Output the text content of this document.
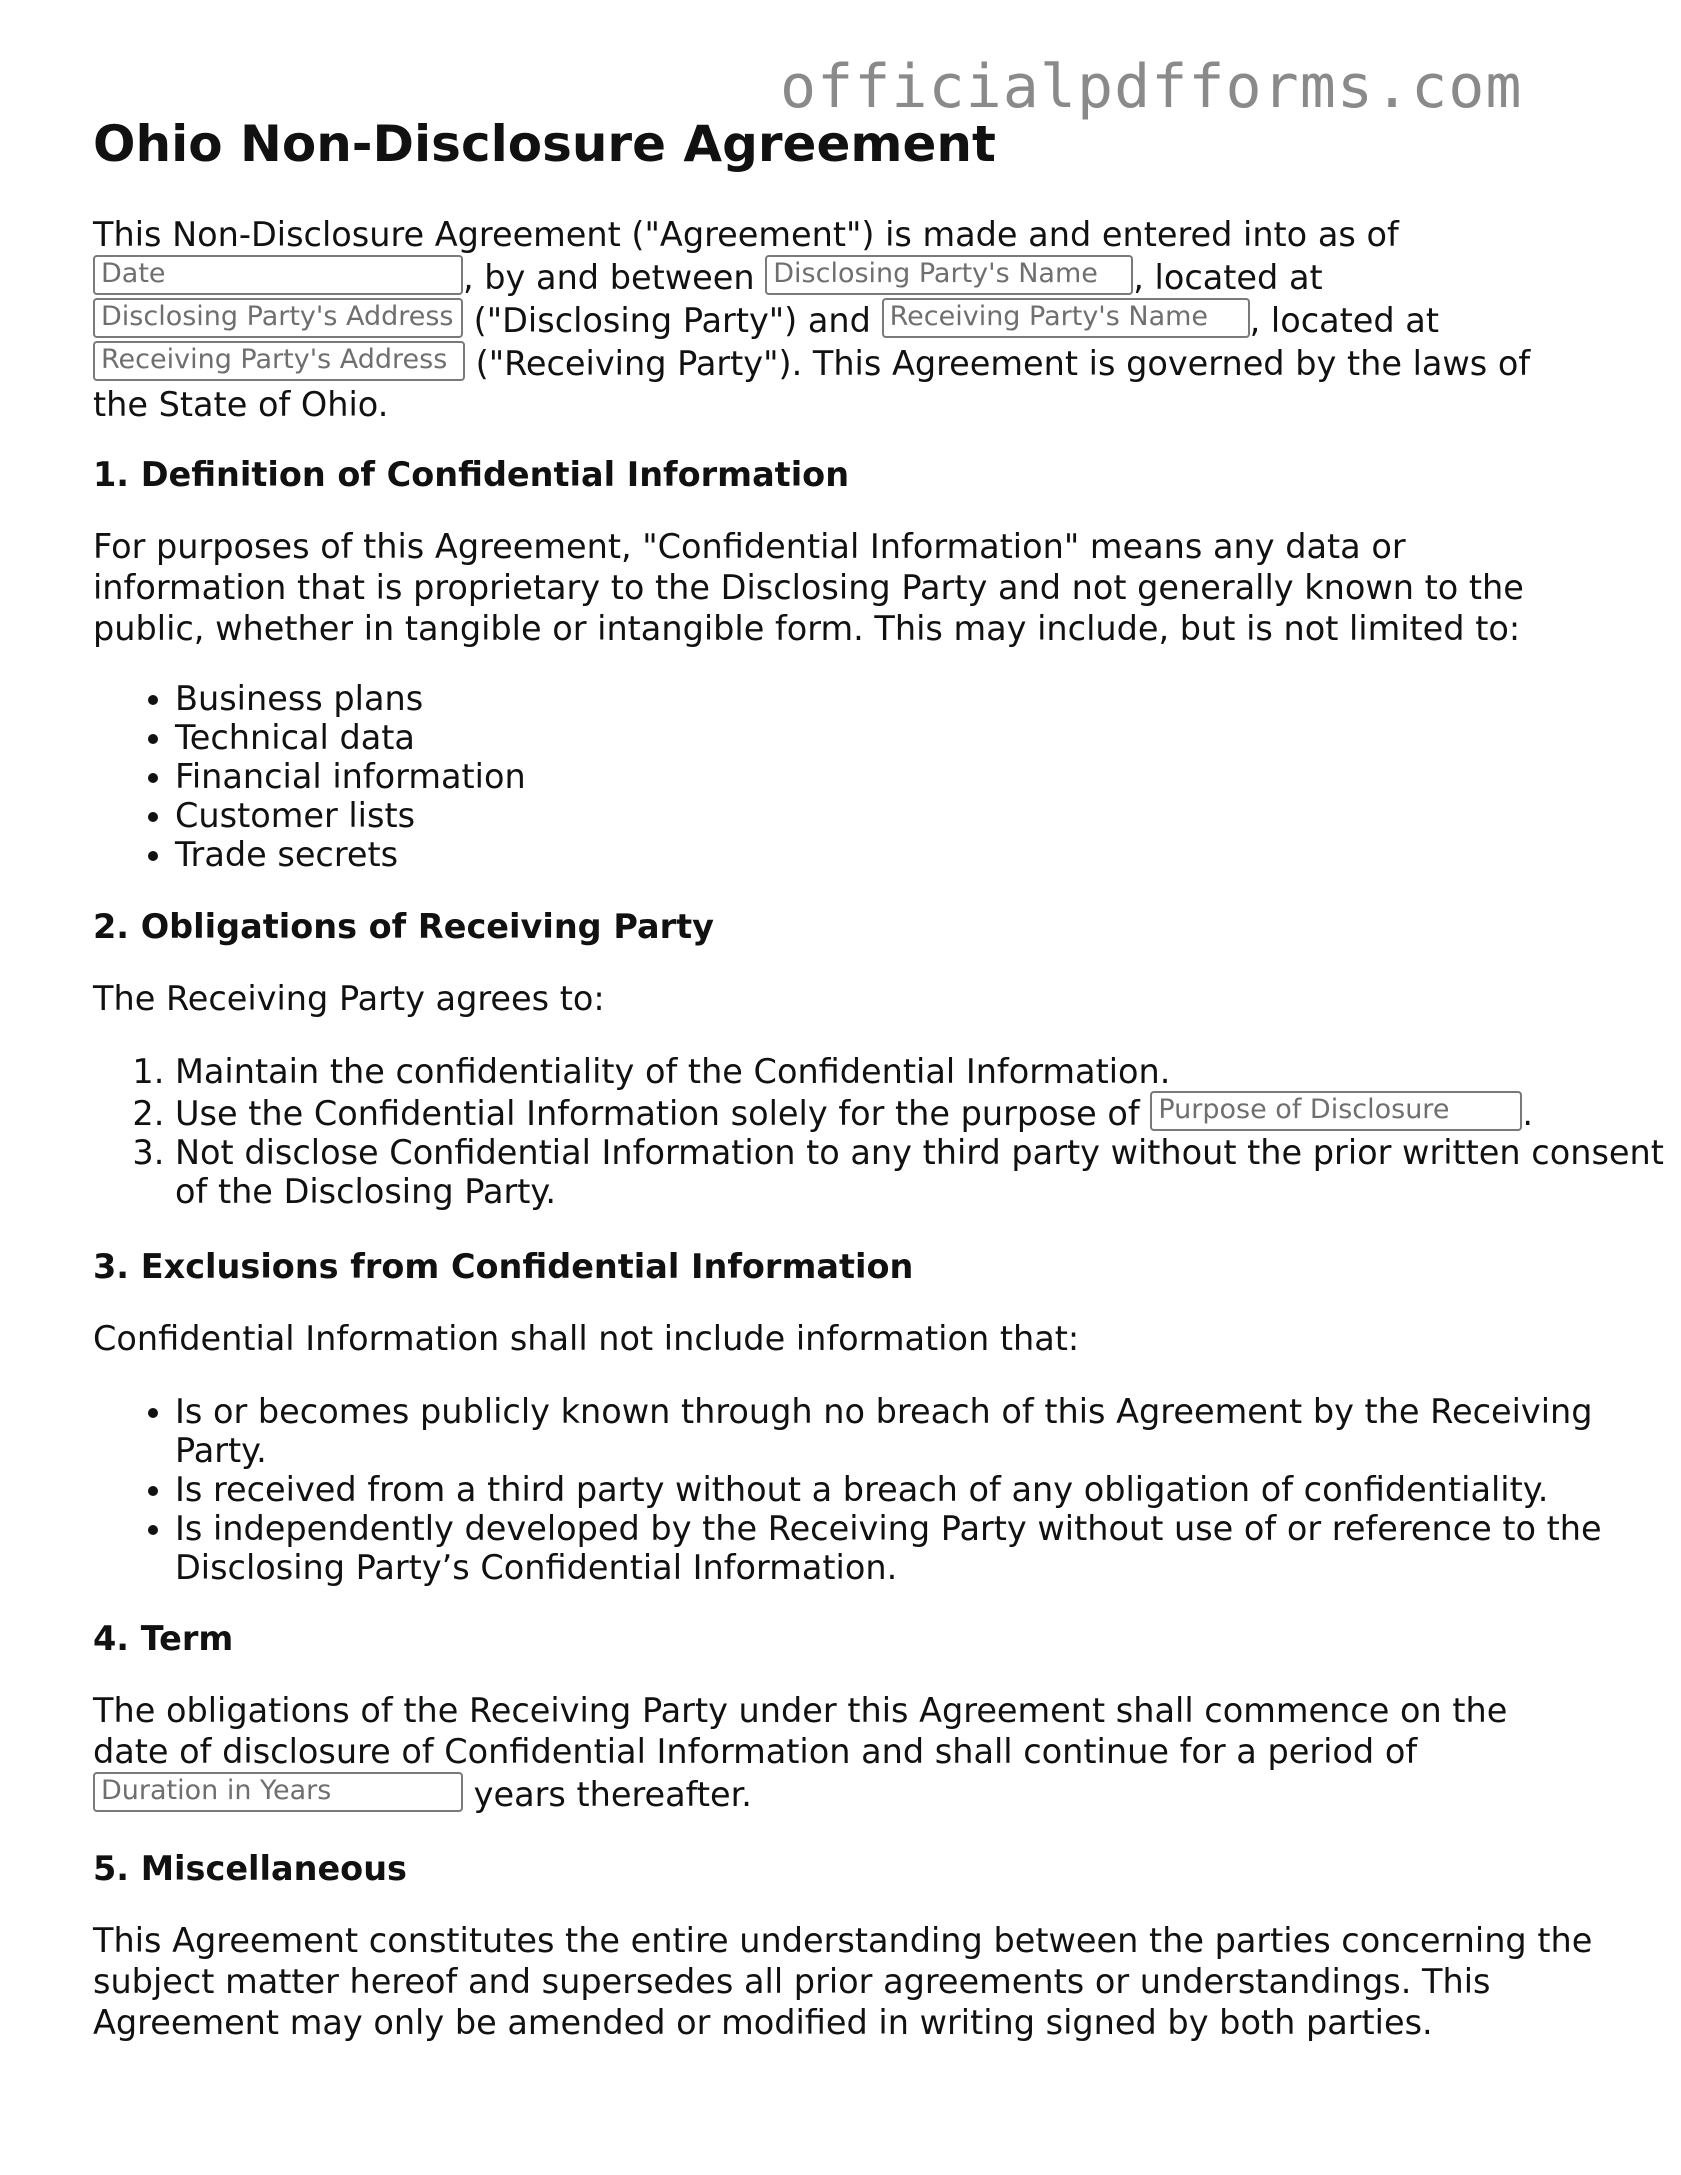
officialpdfforms.com
Ohio Non-Disclosure Agreement
This Non-Disclosure Agreement ("Agreement") is made and entered into as of Date	, by and between Disclosing Party's Name , located at Disclosing Party's Address ("Disclosing Party") and Receiving Party's Name , located at Receiving Party's Address ("Receiving Party"). This Agreement is governed by the laws of the State of Ohio.
1. Definition of Confidential Information
For purposes of this Agreement, "Confidential Information" means any data or information that is proprietary to the Disclosing Party and not generally known to the public, whether in tangible or intangible form. This may include, but is not limited to:
• Business plans
• Technical data
• Financial information
• Customer lists
• Trade secrets
2. Obligations of Receiving Party
The Receiving Party agrees to:
1. Maintain the confidentiality of the Confidential Information.
2. Use the Confidential Information solely for the purpose of Purpose of Disclosure .
3. Not disclose Confidential Information to any third party without the prior written consent of the Disclosing Party.
3. Exclusions from Confidential Information
Confidential Information shall not include information that:
• Is or becomes publicly known through no breach of this Agreement by the Receiving Party.
• Is received from a third party without a breach of any obligation of confidentiality.
• Is independently developed by the Receiving Party without use of or reference to the Disclosing Party’s Confidential Information.
4. Term
The obligations of the Receiving Party under this Agreement shall commence on the date of disclosure of Confidential Information and shall continue for a period of Duration in Years	years thereafter.
5. Miscellaneous
This Agreement constitutes the entire understanding between the parties concerning the subject matter hereof and supersedes all prior agreements or understandings. This Agreement may only be amended or modified in writing signed by both parties.
